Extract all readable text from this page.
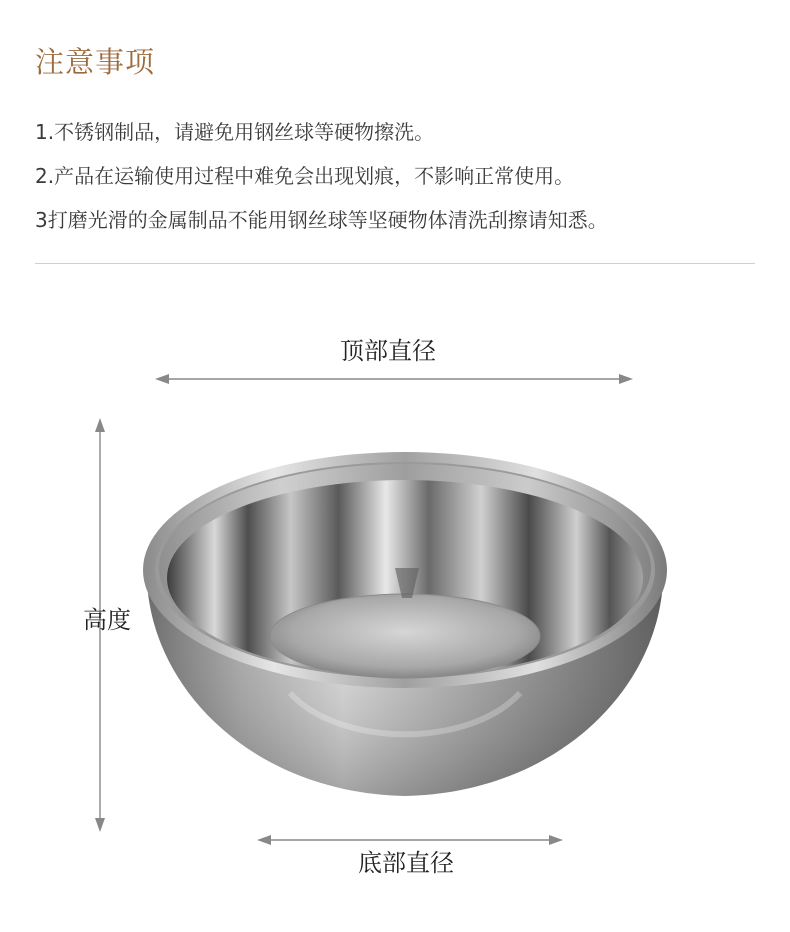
注意事项
1.不锈钢制品，请避免用钢丝球等硬物擦洗。
2.产品在运输使用过程中难免会出现划痕，不影响正常使用。
3打磨光滑的金属制品不能用钢丝球等坚硬物体清洗刮擦请知悉。
顶部直径
高度
底部直径
